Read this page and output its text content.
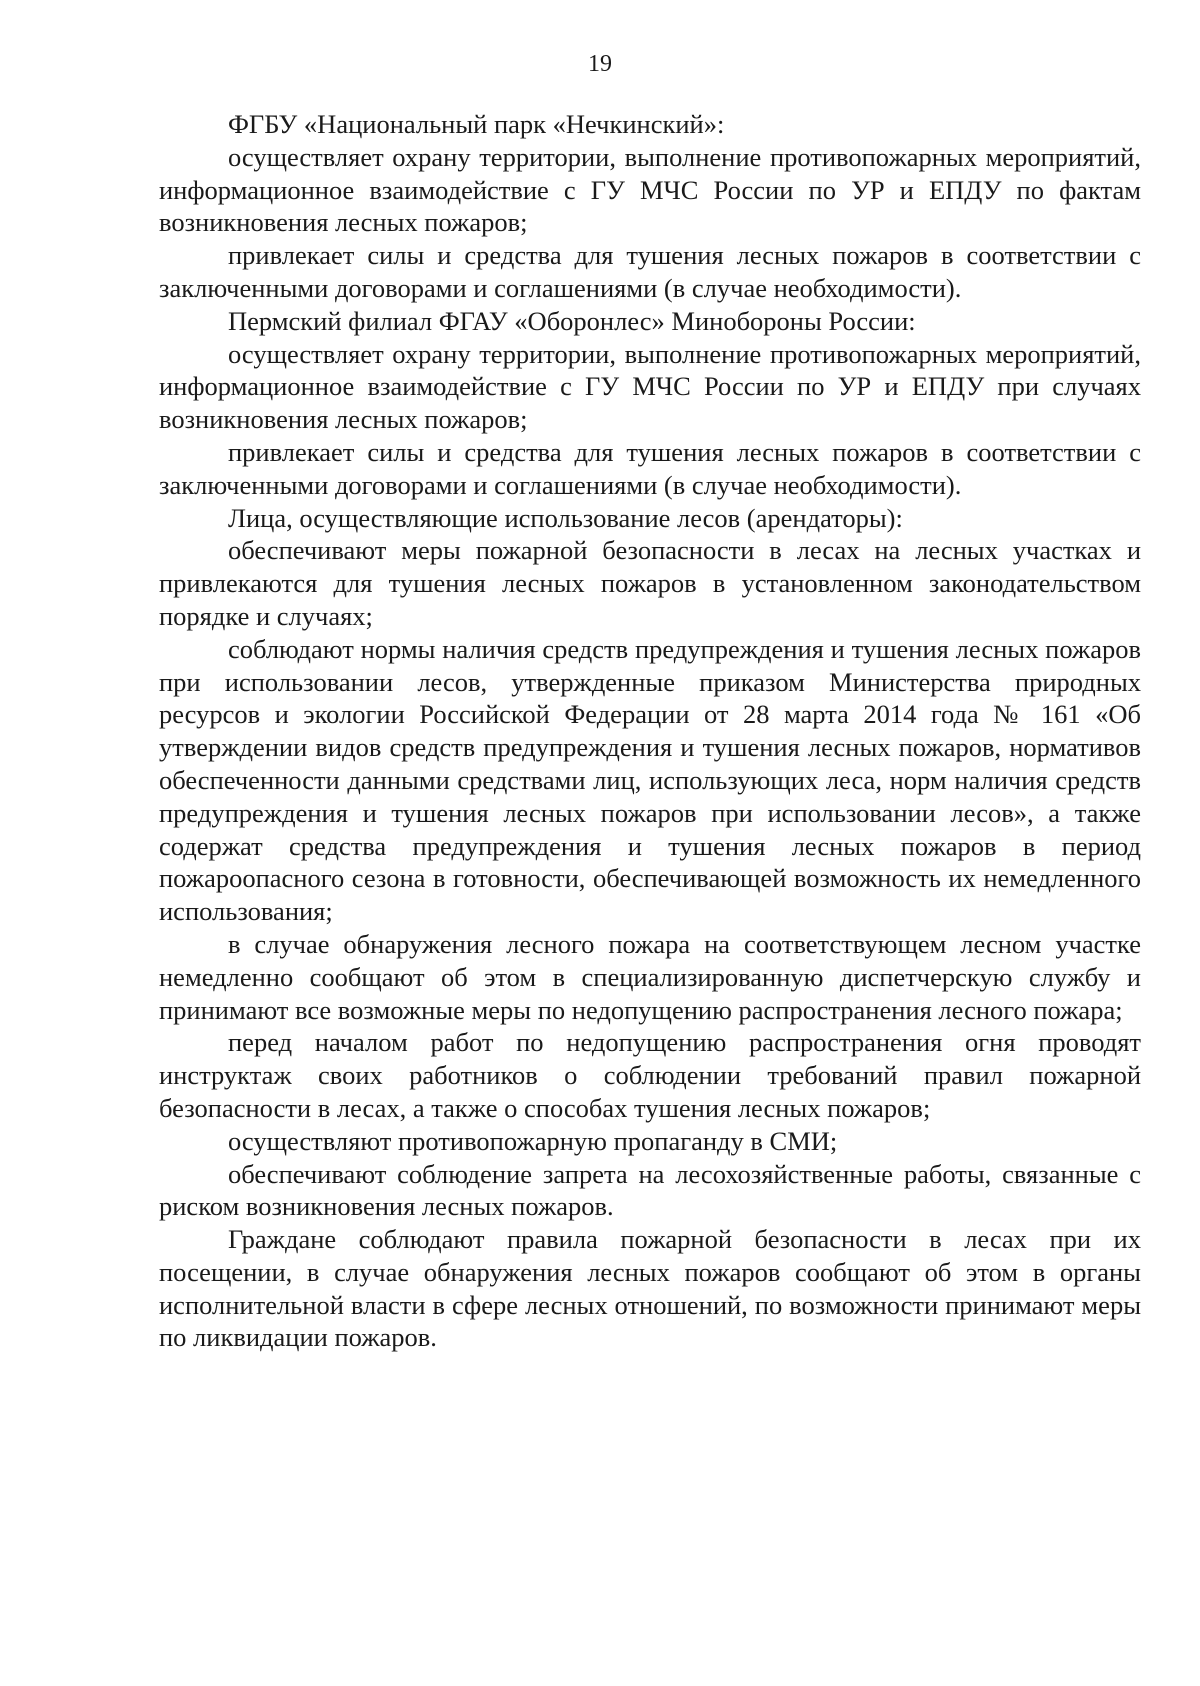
19

ФГБУ «Национальный парк «Нечкинский»:

осуществляет охрану территории, выполнение противопожарных мероприятий, информационное взаимодействие с ГУ МЧС России по УР и ЕПДУ по фактам возникновения лесных пожаров;

привлекает силы и средства для тушения лесных пожаров в соответствии с заключенными договорами и соглашениями (в случае необходимости).

Пермский филиал ФГАУ «Оборонлес» Минобороны России:

осуществляет охрану территории, выполнение противопожарных мероприятий, информационное взаимодействие с ГУ МЧС России по УР и ЕПДУ при случаях возникновения лесных пожаров;

привлекает силы и средства для тушения лесных пожаров в соответствии с заключенными договорами и соглашениями (в случае необходимости).

Лица, осуществляющие использование лесов (арендаторы):

обеспечивают меры пожарной безопасности в лесах на лесных участках и привлекаются для тушения лесных пожаров в установленном законодательством порядке и случаях;

соблюдают нормы наличия средств предупреждения и тушения лесных пожаров при использовании лесов, утвержденные приказом Министерства природных ресурсов и экологии Российской Федерации от 28 марта 2014 года № 161 «Об утверждении видов средств предупреждения и тушения лесных пожаров, нормативов обеспеченности данными средствами лиц, использующих леса, норм наличия средств предупреждения и тушения лесных пожаров при использовании лесов», а также содержат средства предупреждения и тушения лесных пожаров в период пожароопасного сезона в готовности, обеспечивающей возможность их немедленного использования;

в случае обнаружения лесного пожара на соответствующем лесном участке немедленно сообщают об этом в специализированную диспетчерскую службу и принимают все возможные меры по недопущению распространения лесного пожара;

перед началом работ по недопущению распространения огня проводят инструктаж своих работников о соблюдении требований правил пожарной безопасности в лесах, а также о способах тушения лесных пожаров;

осуществляют противопожарную пропаганду в СМИ;

обеспечивают соблюдение запрета на лесохозяйственные работы, связанные с риском возникновения лесных пожаров.

Граждане соблюдают правила пожарной безопасности в лесах при их посещении, в случае обнаружения лесных пожаров сообщают об этом в органы исполнительной власти в сфере лесных отношений, по возможности принимают меры по ликвидации пожаров.
